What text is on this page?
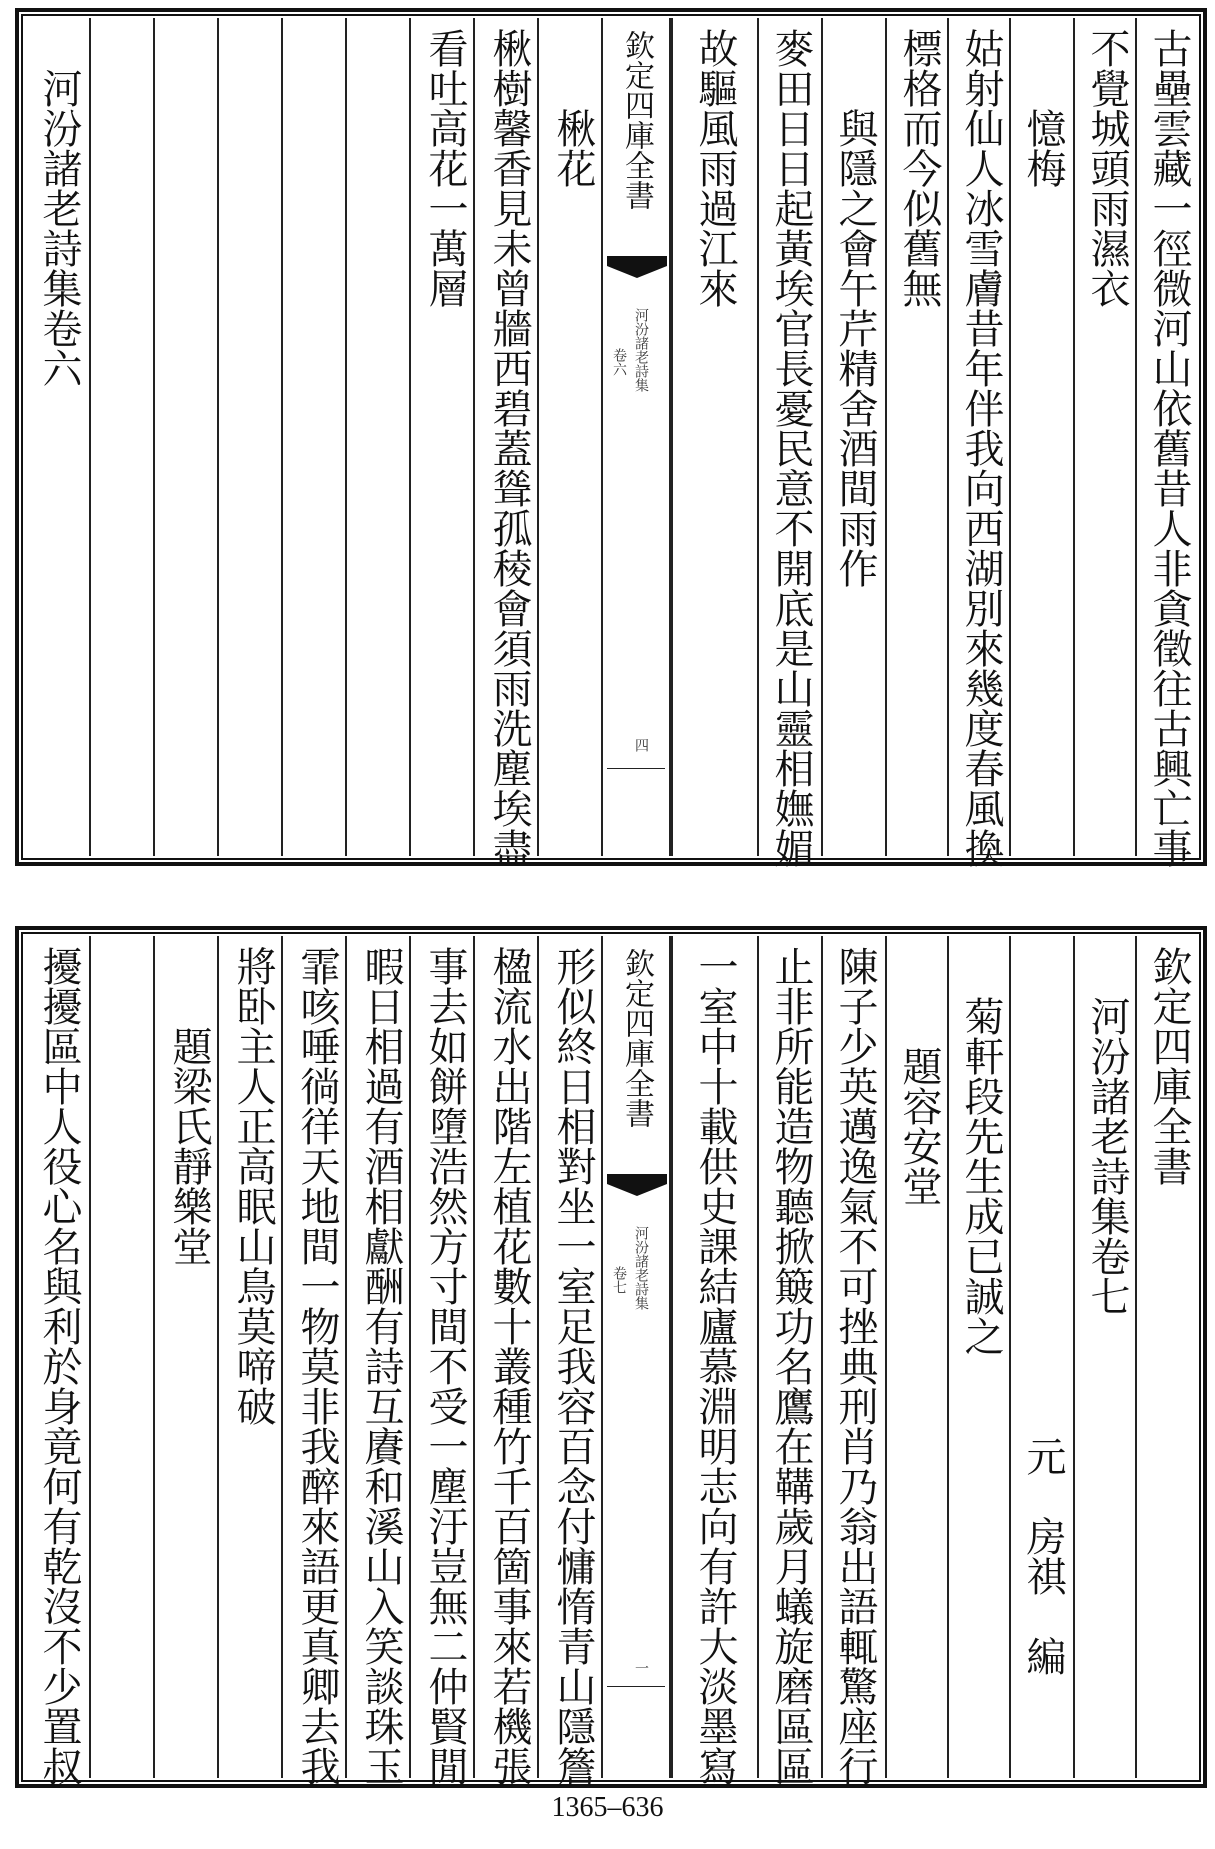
古壘雲藏一徑微河山依舊昔人非貪徵往古興亡事
不覺城頭雨濕衣
憶梅
姑射仙人冰雪膚昔年伴我向西湖別來幾度春風換
標格而今似舊無
與隱之會午芹精舍酒間雨作
麥田日日起黃埃官長憂民意不開底是山靈相嫵媚
故驅風雨過江來
欽定四庫全書
河汾諸老詩集
卷六
四
楸花
楸樹馨香見未曾牆西碧蓋聳孤稜會須雨洗塵埃盡
看吐高花一萬層
河汾諸老詩集卷六
欽定四庫全書
河汾諸老詩集卷七
元　房祺　編
菊軒段先生成已誠之
題容安堂
陳子少英邁逸氣不可挫典刑肖乃翁出語輒驚座行
止非所能造物聽掀簸功名鷹在鞲歲月蟻旋磨區區
一室中十載供史課結廬慕淵明志向有許大淡墨寫
欽定四庫全書
河汾諸老詩集
卷七
一
形似終日相對坐一室足我容百念付慵惰青山隱簷
楹流水出階左植花數十叢種竹千百箇事來若機張
事去如餅墮浩然方寸間不受一塵汙豈無二仲賢閒
暇日相過有酒相獻酬有詩互賡和溪山入笑談珠玉
霏咳唾徜徉天地間一物莫非我醉來語更真卿去我
將卧主人正高眠山鳥莫啼破
題梁氏靜樂堂
擾擾區中人役心名與利於身竟何有乾沒不少置叔
1365–636
